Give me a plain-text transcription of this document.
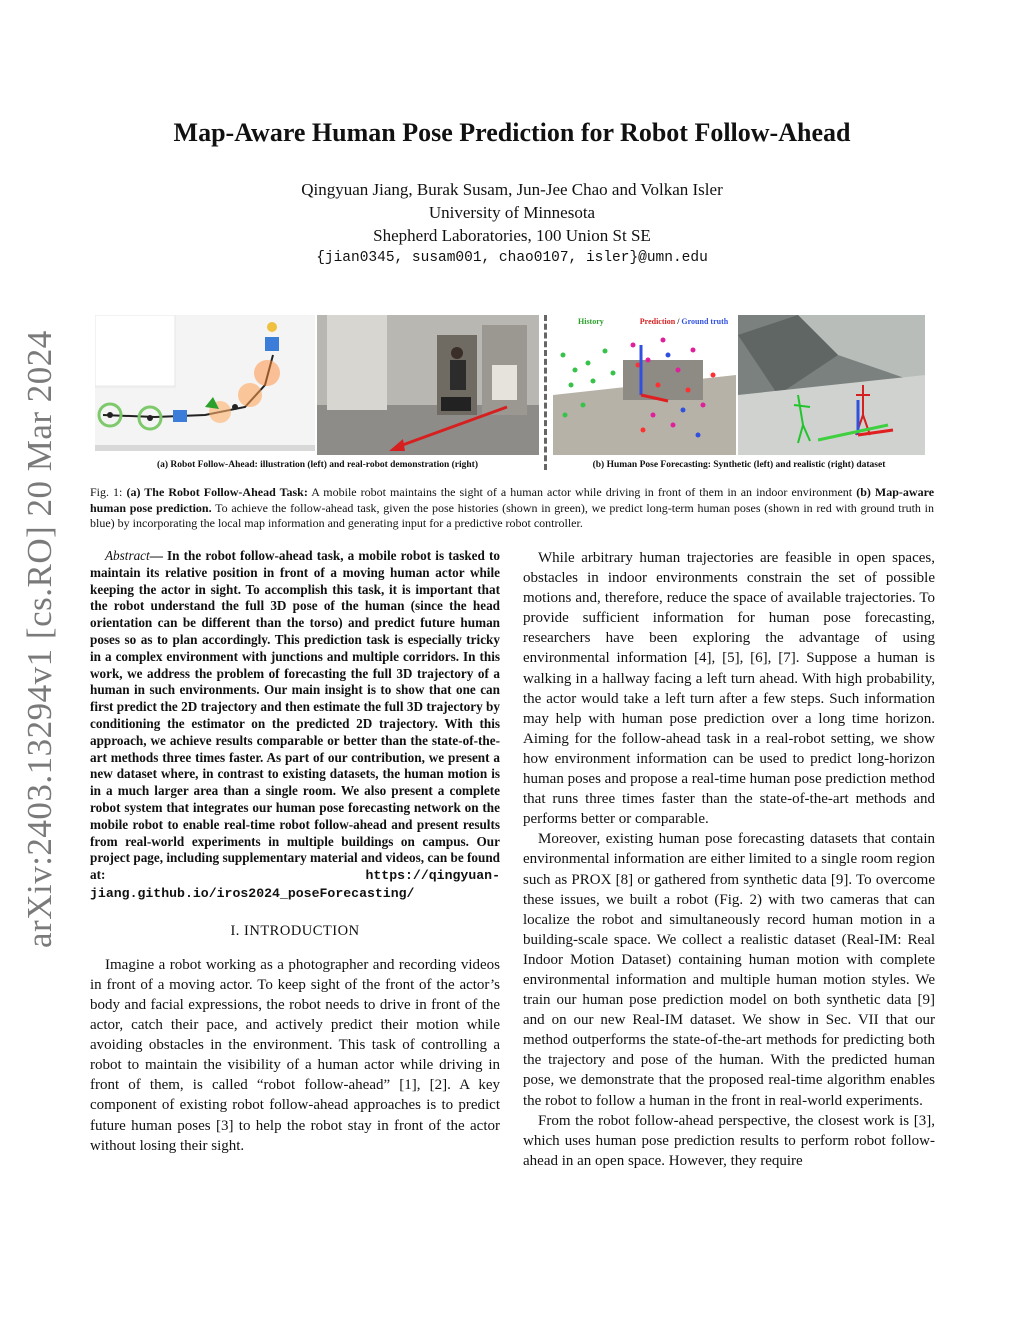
arXiv:2403.13294v1 [cs.RO] 20 Mar 2024
Map-Aware Human Pose Prediction for Robot Follow-Ahead
Qingyuan Jiang, Burak Susam, Jun-Jee Chao and Volkan Isler
University of Minnesota
Shepherd Laboratories, 100 Union St SE
{jian0345, susam001, chao0107, isler}@umn.edu
History	Prediction / Ground truth
(a) Robot Follow-Ahead: illustration (left) and real-robot demonstration (right)	(b) Human Pose Forecasting: Synthetic (left) and realistic (right) dataset
Fig. 1: (a) The Robot Follow-Ahead Task: A mobile robot maintains the sight of a human actor while driving in front of them in an indoor environment (b) Map-aware human pose prediction. To achieve the follow-ahead task, given the pose histories (shown in green), we predict long-term human poses (shown in red with ground truth in blue) by incorporating the local map information and generating input for a predictive robot controller.

Abstract— In the robot follow-ahead task, a mobile robot is tasked to maintain its relative position in front of a moving human actor while keeping the actor in sight. To accomplish this task, it is important that the robot understand the full 3D pose of the human (since the head orientation can be different than the torso) and predict future human poses so as to plan accordingly. This prediction task is especially tricky in a complex environment with junctions and multiple corridors. In this work, we address the problem of forecasting the full 3D trajectory of a human in such environments. Our main insight is to show that one can first predict the 2D trajectory and then estimate the full 3D trajectory by conditioning the estimator on the predicted 2D trajectory. With this approach, we achieve results comparable or better than the state-of-the-art methods three times faster. As part of our contribution, we present a new dataset where, in contrast to existing datasets, the human motion is in a much larger area than a single room. We also present a complete robot system that integrates our human pose forecasting network on the mobile robot to enable real-time robot follow-ahead and present results from real-world experiments in multiple buildings on campus. Our project page, including supplementary material and videos, can be found at: https://qingyuan-jiang.github.io/iros2024_poseForecasting/

I. INTRODUCTION

Imagine a robot working as a photographer and recording videos in front of a moving actor. To keep sight of the front of the actor’s body and facial expressions, the robot needs to drive in front of the actor, catch their pace, and actively predict their motion while avoiding obstacles in the environment. This task of controlling a robot to maintain the visibility of a human actor while driving in front of them, is called “robot follow-ahead” [1], [2]. A key component of existing robot follow-ahead approaches is to predict future human poses [3] to help the robot stay in front of the actor without losing their sight.

While arbitrary human trajectories are feasible in open spaces, obstacles in indoor environments constrain the set of possible motions and, therefore, reduce the space of available trajectories. To provide sufficient information for human pose forecasting, researchers have been exploring the advantage of using environmental information [4], [5], [6], [7]. Suppose a human is walking in a hallway facing a left turn ahead. With high probability, the actor would take a left turn after a few steps. Such information may help with human pose prediction over a long time horizon. Aiming for the follow-ahead task in a real-robot setting, we show how environment information can be used to predict long-horizon human poses and propose a real-time human pose prediction method that runs three times faster than the state-of-the-art methods and performs better or comparable.

Moreover, existing human pose forecasting datasets that contain environmental information are either limited to a single room region such as PROX [8] or gathered from synthetic data [9]. To overcome these issues, we built a robot (Fig. 2) with two cameras that can localize the robot and simultaneously record human motion in a building-scale space. We collect a realistic dataset (Real-IM: Real Indoor Motion Dataset) containing human motion with complete environmental information and multiple human motion styles. We train our human pose prediction model on both synthetic data [9] and on our new Real-IM dataset. We show in Sec. VII that our method outperforms the state-of-the-art methods for predicting both the trajectory and pose of the human. With the predicted human pose, we demonstrate that the proposed real-time algorithm enables the robot to follow a human in the front in real-world experiments.

From the robot follow-ahead perspective, the closest work is [3], which uses human pose prediction results to perform robot follow-ahead in an open space. However, they require
